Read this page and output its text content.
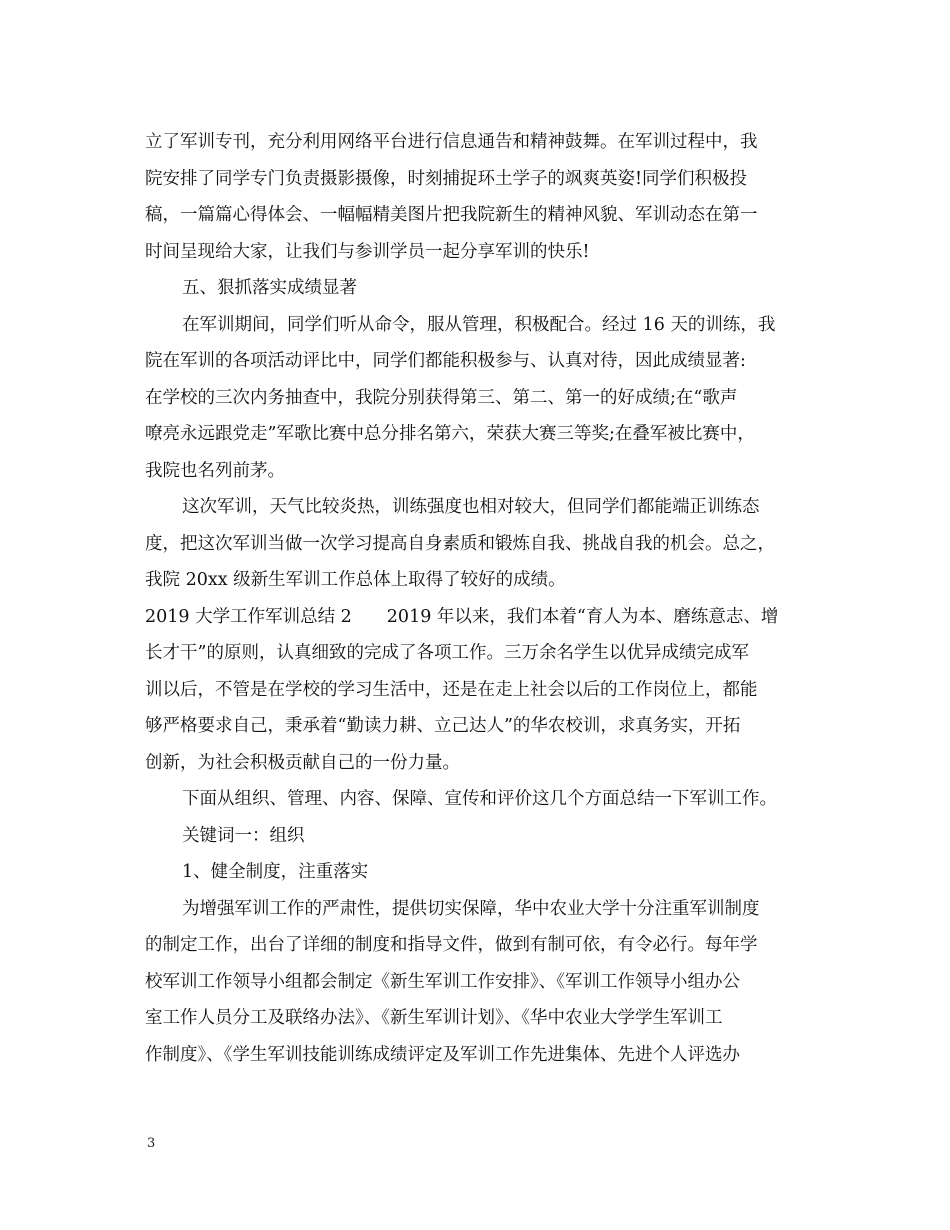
立了军训专刊，充分利用网络平台进行信息通告和精神鼓舞。在军训过程中，我
院安排了同学专门负责摄影摄像，时刻捕捉环土学子的飒爽英姿!同学们积极投
稿，一篇篇心得体会、一幅幅精美图片把我院新生的精神风貌、军训动态在第一
时间呈现给大家，让我们与参训学员一起分享军训的快乐!
五、狠抓落实成绩显著
在军训期间，同学们听从命令，服从管理，积极配合。经过 16 天的训练，我
院在军训的各项活动评比中，同学们都能积极参与、认真对待，因此成绩显著:
在学校的三次内务抽查中，我院分别获得第三、第二、第一的好成绩;在“歌声
嘹亮永远跟党走”军歌比赛中总分排名第六，荣获大赛三等奖;在叠军被比赛中，
我院也名列前茅。
这次军训，天气比较炎热，训练强度也相对较大，但同学们都能端正训练态
度，把这次军训当做一次学习提高自身素质和锻炼自我、挑战自我的机会。总之，
我院 20xx 级新生军训工作总体上取得了较好的成绩。
2019 大学工作军训总结 2　　2019 年以来，我们本着“育人为本、磨练意志、增
长才干”的原则，认真细致的完成了各项工作。三万余名学生以优异成绩完成军
训以后，不管是在学校的学习生活中，还是在走上社会以后的工作岗位上，都能
够严格要求自己，秉承着“勤读力耕、立己达人”的华农校训，求真务实，开拓
创新，为社会积极贡献自己的一份力量。
下面从组织、管理、内容、保障、宣传和评价这几个方面总结一下军训工作。
关键词一：组织
1、健全制度，注重落实
为增强军训工作的严肃性，提供切实保障，华中农业大学十分注重军训制度
的制定工作，出台了详细的制度和指导文件，做到有制可依，有令必行。每年学
校军训工作领导小组都会制定《新生军训工作安排》、《军训工作领导小组办公
室工作人员分工及联络办法》、《新生军训计划》、《华中农业大学学生军训工
作制度》、《学生军训技能训练成绩评定及军训工作先进集体、先进个人评选办
3
